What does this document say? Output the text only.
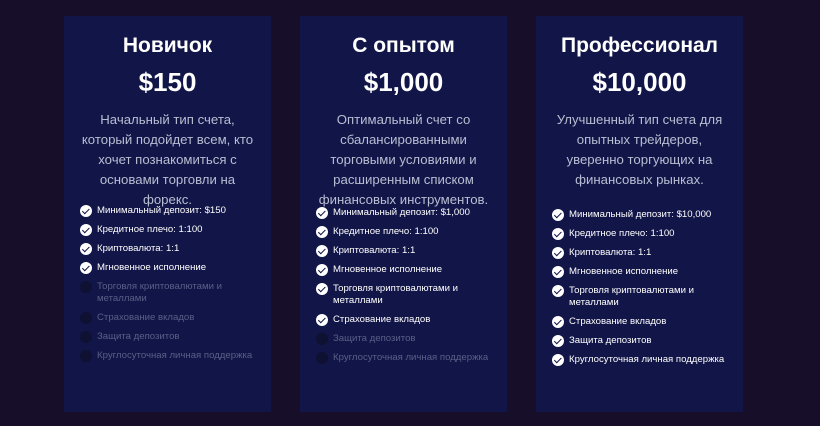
Новичок
$150
Начальный тип счета, который подойдет всем, кто хочет познакомиться с основами торговли на форекс.
Минимальный депозит: $150
Кредитное плечо: 1:100
Криптовалюта: 1:1
Мгновенное исполнение
Торговля криптовалютами и металлами
Страхование вкладов
Защита депозитов
Круглосуточная личная поддержка
С опытом
$1,000
Оптимальный счет со сбалансированными торговыми условиями и расширенным списком финансовых инструментов.
Минимальный депозит: $1,000
Кредитное плечо: 1:100
Криптовалюта: 1:1
Мгновенное исполнение
Торговля криптовалютами и металлами
Страхование вкладов
Защита депозитов
Круглосуточная личная поддержка
Профессионал
$10,000
Улучшенный тип счета для опытных трейдеров, уверенно торгующих на финансовых рынках.
Минимальный депозит: $10,000
Кредитное плечо: 1:100
Криптовалюта: 1:1
Мгновенное исполнение
Торговля криптовалютами и металлами
Страхование вкладов
Защита депозитов
Круглосуточная личная поддержка
